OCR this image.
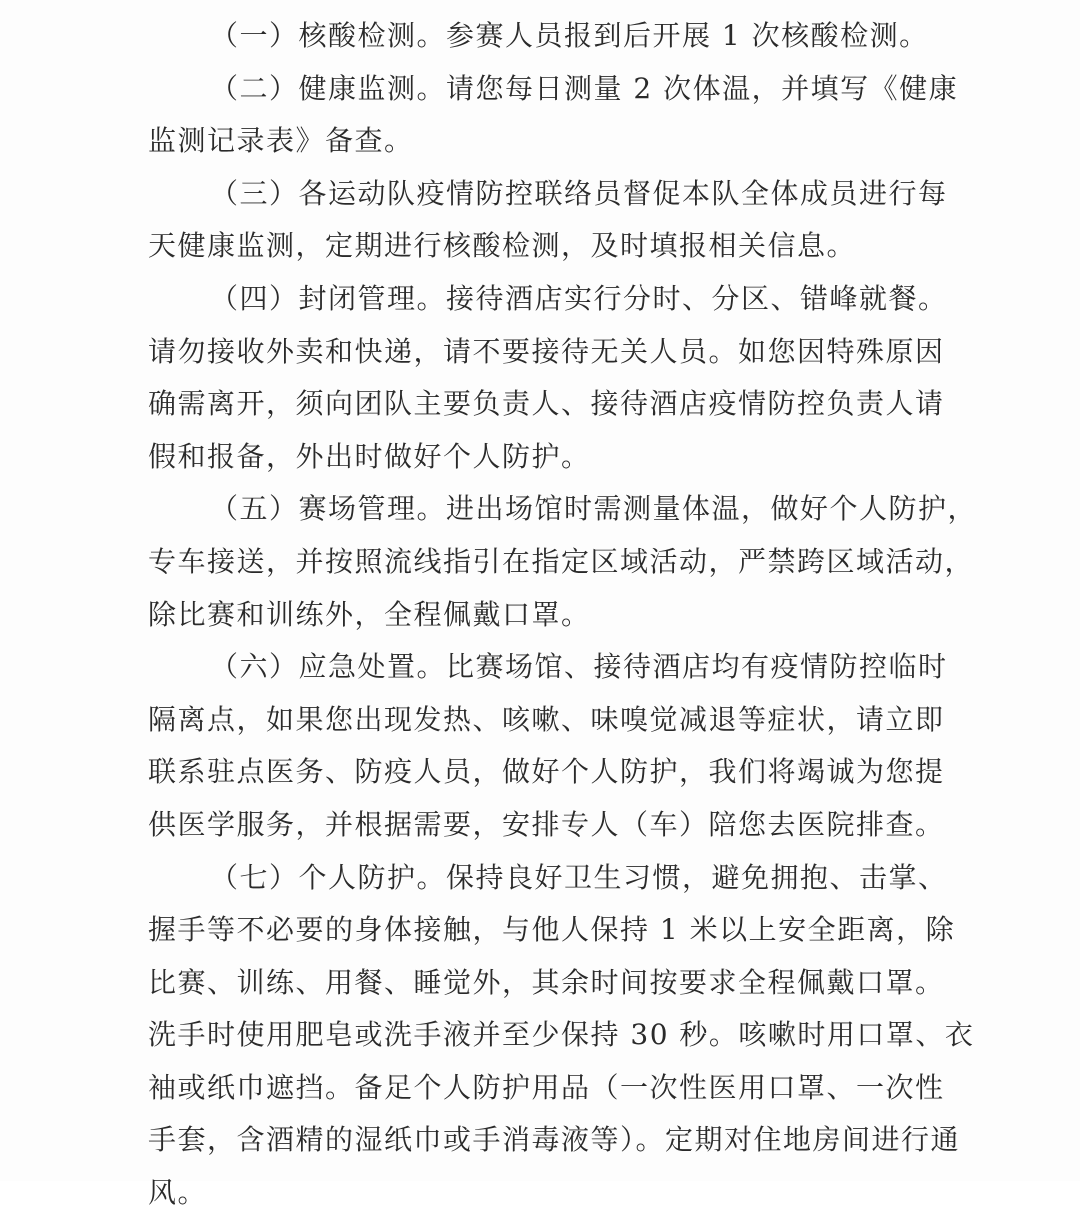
（一）核酸检测。参赛人员报到后开展 1 次核酸检测。
（二）健康监测。请您每日测量 2 次体温，并填写《健康
监测记录表》备查。
（三）各运动队疫情防控联络员督促本队全体成员进行每
天健康监测，定期进行核酸检测，及时填报相关信息。
（四）封闭管理。接待酒店实行分时、分区、错峰就餐。
请勿接收外卖和快递，请不要接待无关人员。如您因特殊原因
确需离开，须向团队主要负责人、接待酒店疫情防控负责人请
假和报备，外出时做好个人防护。
（五）赛场管理。进出场馆时需测量体温，做好个人防护，
专车接送，并按照流线指引在指定区域活动，严禁跨区域活动，
除比赛和训练外，全程佩戴口罩。
（六）应急处置。比赛场馆、接待酒店均有疫情防控临时
隔离点，如果您出现发热、咳嗽、味嗅觉减退等症状，请立即
联系驻点医务、防疫人员，做好个人防护，我们将竭诚为您提
供医学服务，并根据需要，安排专人（车）陪您去医院排查。
（七）个人防护。保持良好卫生习惯，避免拥抱、击掌、
握手等不必要的身体接触，与他人保持 1 米以上安全距离，除
比赛、训练、用餐、睡觉外，其余时间按要求全程佩戴口罩。
洗手时使用肥皂或洗手液并至少保持 30 秒。咳嗽时用口罩、衣
袖或纸巾遮挡。备足个人防护用品（一次性医用口罩、一次性
手套，含酒精的湿纸巾或手消毒液等）。定期对住地房间进行通
风。
